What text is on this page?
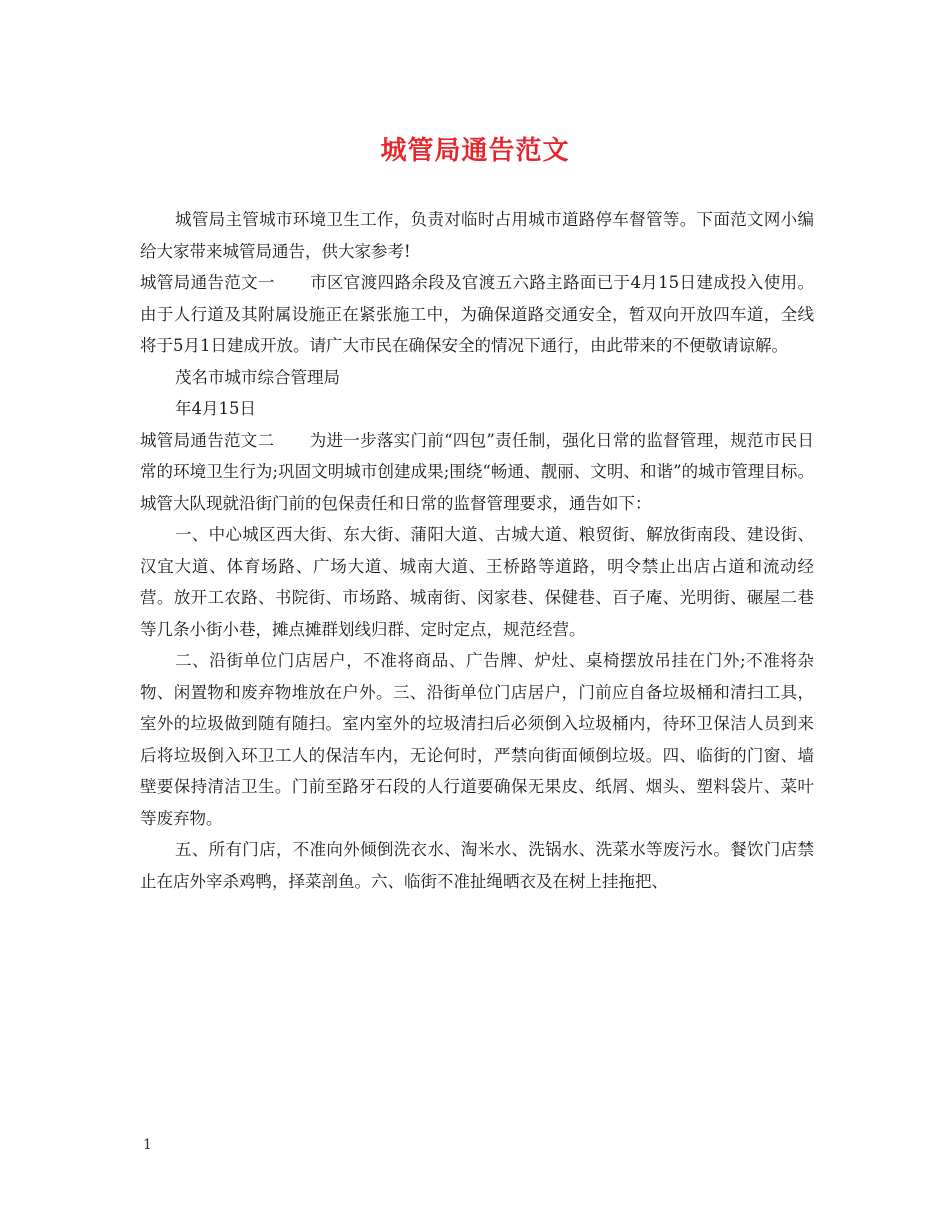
城管局通告范文

城管局主管城市环境卫生工作，负责对临时占用城市道路停车督管等。下面范文网小编给大家带来城管局通告，供大家参考!

城管局通告范文一 市区官渡四路余段及官渡五六路主路面已于4月15日建成投入使用。由于人行道及其附属设施正在紧张施工中，为确保道路交通安全，暂双向开放四车道，全线将于5月1日建成开放。请广大市民在确保安全的情况下通行，由此带来的不便敬请谅解。

茂名市城市综合管理局

年4月15日

城管局通告范文二 为进一步落实门前“四包”责任制，强化日常的监督管理，规范市民日常的环境卫生行为;巩固文明城市创建成果;围绕“畅通、靓丽、文明、和谐”的城市管理目标。城管大队现就沿街门前的包保责任和日常的监督管理要求，通告如下：

一、中心城区西大街、东大街、蒲阳大道、古城大道、粮贸街、解放街南段、建设街、汉宜大道、体育场路、广场大道、城南大道、王桥路等道路，明令禁止出店占道和流动经营。放开工农路、书院街、市场路、城南街、闵家巷、保健巷、百子庵、光明街、碾屋二巷等几条小街小巷，摊点摊群划线归群、定时定点，规范经营。

二、沿街单位门店居户，不准将商品、广告牌、炉灶、桌椅摆放吊挂在门外;不准将杂物、闲置物和废弃物堆放在户外。三、沿街单位门店居户，门前应自备垃圾桶和清扫工具，室外的垃圾做到随有随扫。室内室外的垃圾清扫后必须倒入垃圾桶内，待环卫保洁人员到来后将垃圾倒入环卫工人的保洁车内，无论何时，严禁向街面倾倒垃圾。四、临街的门窗、墙壁要保持清洁卫生。门前至路牙石段的人行道要确保无果皮、纸屑、烟头、塑料袋片、菜叶等废弃物。

五、所有门店，不准向外倾倒洗衣水、淘米水、洗锅水、洗菜水等废污水。餐饮门店禁止在店外宰杀鸡鸭，择菜剖鱼。六、临街不准扯绳晒衣及在树上挂拖把、

1
